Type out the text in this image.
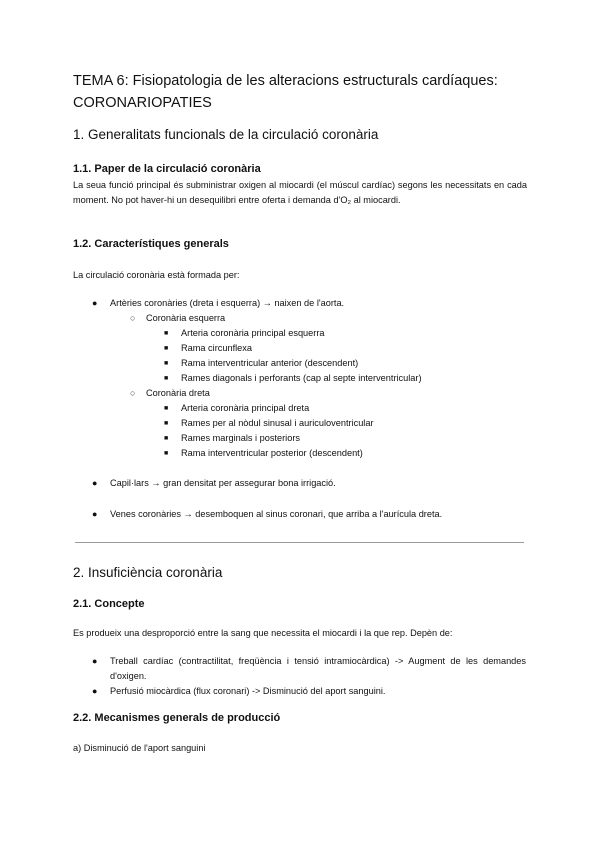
TEMA 6: Fisiopatologia de les alteracions estructurals cardíaques: CORONARIOPATIES
1. Generalitats funcionals de la circulació coronària
1.1. Paper de la circulació coronària
La seua funció principal és subministrar oxigen al miocardi (el múscul cardíac) segons les necessitats en cada moment. No pot haver-hi un desequilibri entre oferta i demanda d'O₂ al miocardi.
1.2. Característiques generals
La circulació coronària està formada per:
●	Artèries coronàries (dreta i esquerra) → naixen de l'aorta.
○ Coronària esquerra
■ Arteria coronària principal esquerra
■ Rama circunflexa
■ Rama interventricular anterior (descendent)
■ Rames diagonals i perforants (cap al septe interventricular)
○ Coronària dreta
■ Arteria coronària principal dreta
■ Rames per al nòdul sinusal i auriculoventricular
■ Rames marginals i posteriors
■ Rama interventricular posterior (descendent)
●	Capil·lars → gran densitat per assegurar bona irrigació.
●	Venes coronàries → desemboquen al sinus coronari, que arriba a l'aurícula dreta.
2. Insuficiència coronària
2.1. Concepte
Es produeix una desproporció entre la sang que necessita el miocardi i la que rep. Depèn de:
●	Treball cardíac (contractilitat, freqüència i tensió intramiocàrdica) -> Augment de les demandes d'oxigen.
●	Perfusió miocàrdica (flux coronari) -> Disminució del aport sanguini.
2.2. Mecanismes generals de producció
a) Disminució de l'aport sanguini
